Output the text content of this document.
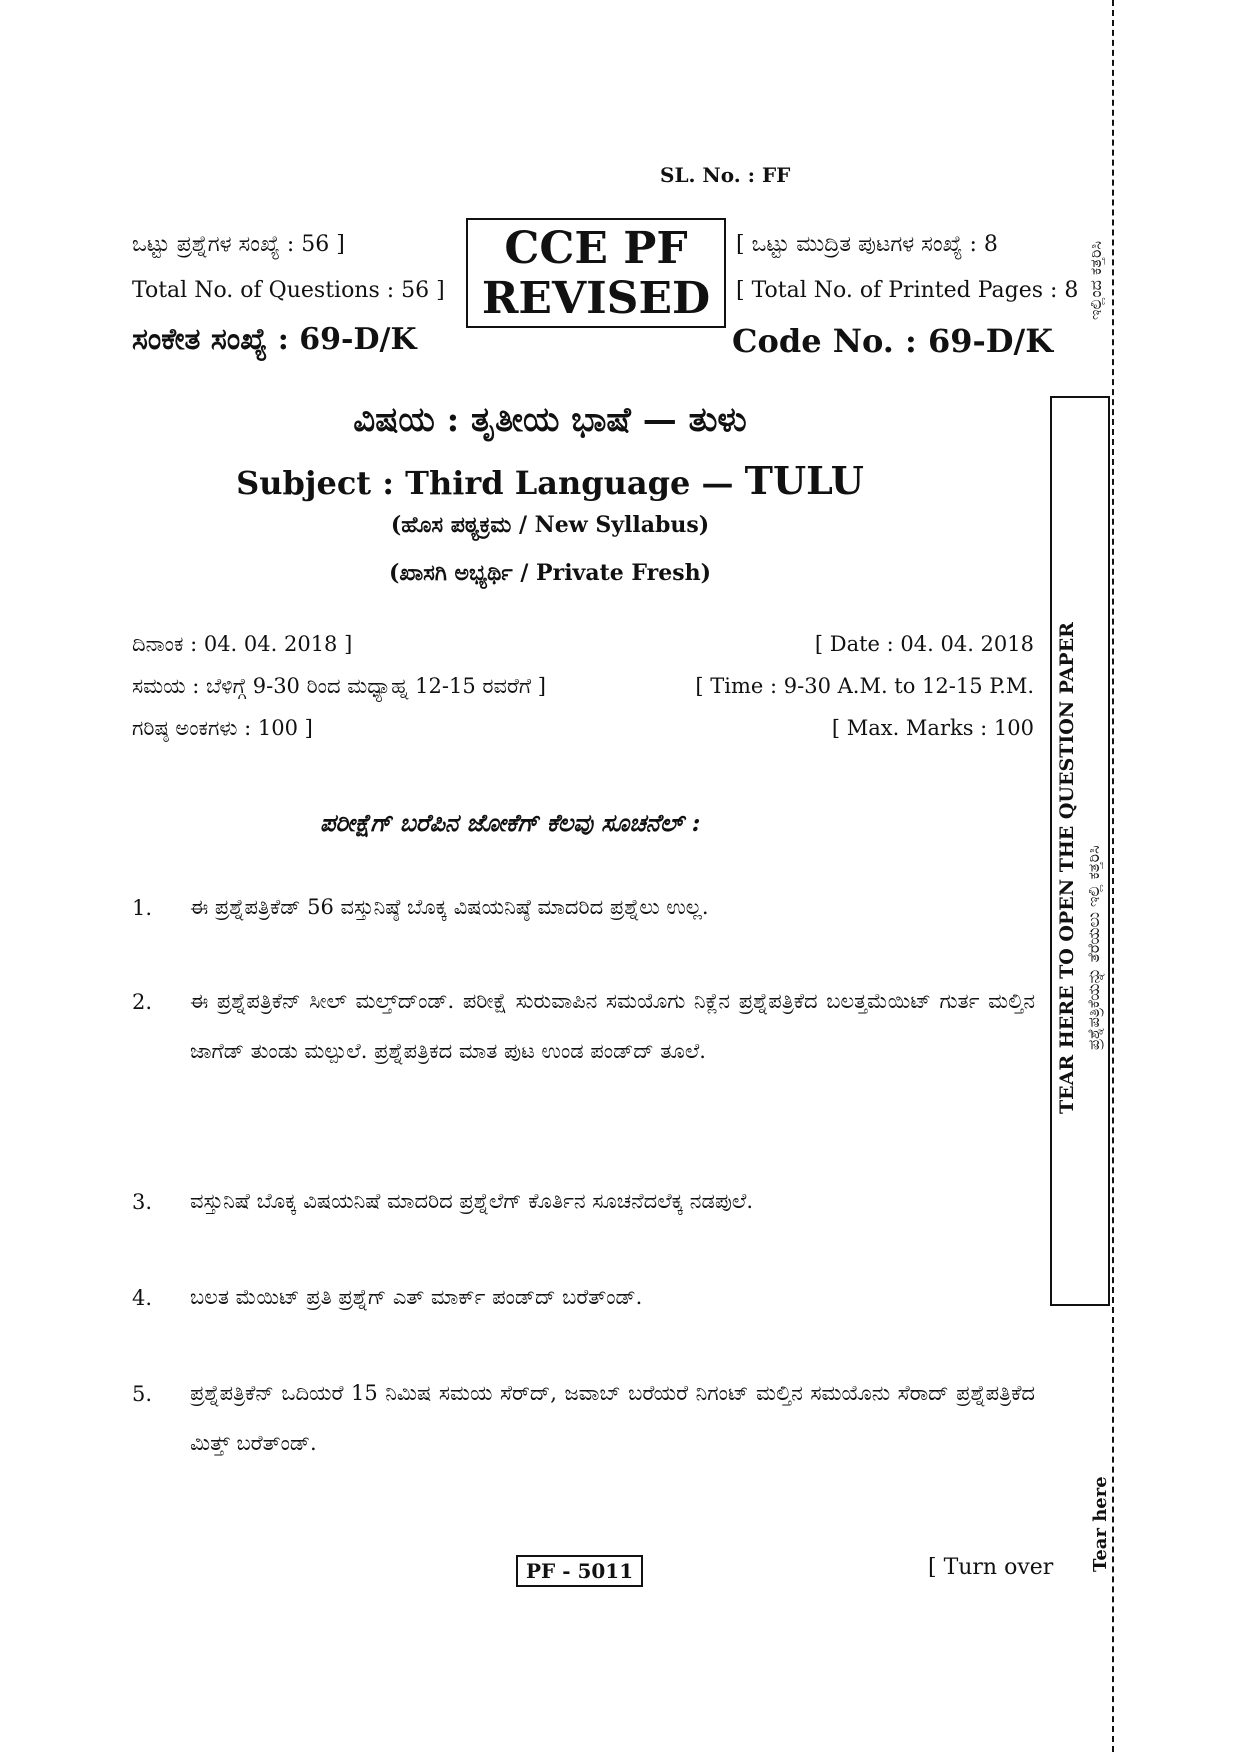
SL. No. : FF
ಒಟ್ಟು ಪ್ರಶ್ನೆಗಳ ಸಂಖ್ಯೆ : 56 ]
Total No. of Questions : 56 ]
CCE PF
REVISED
[ ಒಟ್ಟು ಮುದ್ರಿತ ಪುಟಗಳ ಸಂಖ್ಯೆ : 8
[ Total No. of Printed Pages : 8
ಸಂಕೇತ ಸಂಖ್ಯೆ : 69-D/K	Code No. : 69-D/K
ವಿಷಯ : ತೃತೀಯ ಭಾಷೆ — ತುಳು
Subject : Third Language — TULU
(ಹೊಸ ಪಠ್ಯಕ್ರಮ / New Syllabus)
(ಖಾಸಗಿ ಅಭ್ಯರ್ಥಿ / Private Fresh)
ದಿನಾಂಕ : 04. 04. 2018 ]	[ Date : 04. 04. 2018
ಸಮಯ : ಬೆಳಿಗ್ಗೆ 9-30 ರಿಂದ ಮಧ್ಯಾಹ್ನ 12-15 ರವರೆಗೆ ]	[ Time : 9-30 A.M. to 12-15 P.M.
ಗರಿಷ್ಠ ಅಂಕಗಳು : 100 ]	[ Max. Marks : 100
ಪರೀಕ್ಷೆಗ್ ಬರೆಪಿನ ಜೋಕೆಗ್ ಕೆಲವು ಸೂಚನೆಲ್ :
1. ಈ ಪ್ರಶ್ನೆಪತ್ರಿಕೆಡ್ 56 ವಸ್ತುನಿಷ್ಠೆ ಬೊಕ್ಕ ವಿಷಯನಿಷ್ಠೆ ಮಾದರಿದ ಪ್ರಶ್ನೆಲು ಉಲ್ಲ.
2. ಈ ಪ್ರಶ್ನೆಪತ್ರಿಕೆನ್ ಸೀಲ್ ಮಲ್ತ್‌ದ್‌ಂಡ್. ಪರೀಕ್ಷೆ ಸುರುವಾಪಿನ ಸಮಯೊಗು ನಿಕ್ಲೆನ ಪ್ರಶ್ನೆಪತ್ರಿಕೆದ ಬಲತ್ತಮೆಯಿಟ್ ಗುರ್ತ ಮಲ್ತಿನ ಜಾಗೆಡ್ ತುಂಡು ಮಲ್ಪುಲೆ. ಪ್ರಶ್ನೆಪತ್ರಿಕದ ಮಾತ ಪುಟ ಉಂಡ ಪಂಡ್‌ದ್ ತೂಲೆ.
3. ವಸ್ತುನಿಷೆ ಬೊಕ್ಕ ವಿಷಯನಿಷೆ ಮಾದರಿದ ಪ್ರಶ್ನೆಲೆಗ್ ಕೊರ್ತಿನ ಸೂಚನೆದಲೆಕ್ಕ ನಡಪುಲೆ.
4. ಬಲತ ಮೆಯಿಟ್ ಪ್ರತಿ ಪ್ರಶ್ನೆಗ್ ಎತ್ ಮಾರ್ಕ್ ಪಂಡ್‌ದ್ ಬರೆತ್‌ಂಡ್.
5. ಪ್ರಶ್ನೆಪತ್ರಿಕೆನ್ ಒದಿಯರೆ 15 ನಿಮಿಷ ಸಮಯ ಸೆರ್‌ದ್, ಜವಾಬ್ ಬರೆಯರೆ ನಿಗಂಟ್ ಮಲ್ತಿನ ಸಮಯೊನು ಸೆರಾದ್ ಪ್ರಶ್ನೆಪತ್ರಿಕೆದ ಮಿತ್ತ್ ಬರೆತ್‌ಂಡ್.
TEAR HERE TO OPEN THE QUESTION PAPER ಪ್ರಶ್ನೆಪತ್ರಿಕೆಯನ್ನು ತೆರೆಯಲು ಇಲ್ಲಿ ಕತ್ತರಿಸಿ
ಇಲ್ಲಿಂದ ಕತ್ತರಿಸಿ
Tear here
PF - 5011	[ Turn over
